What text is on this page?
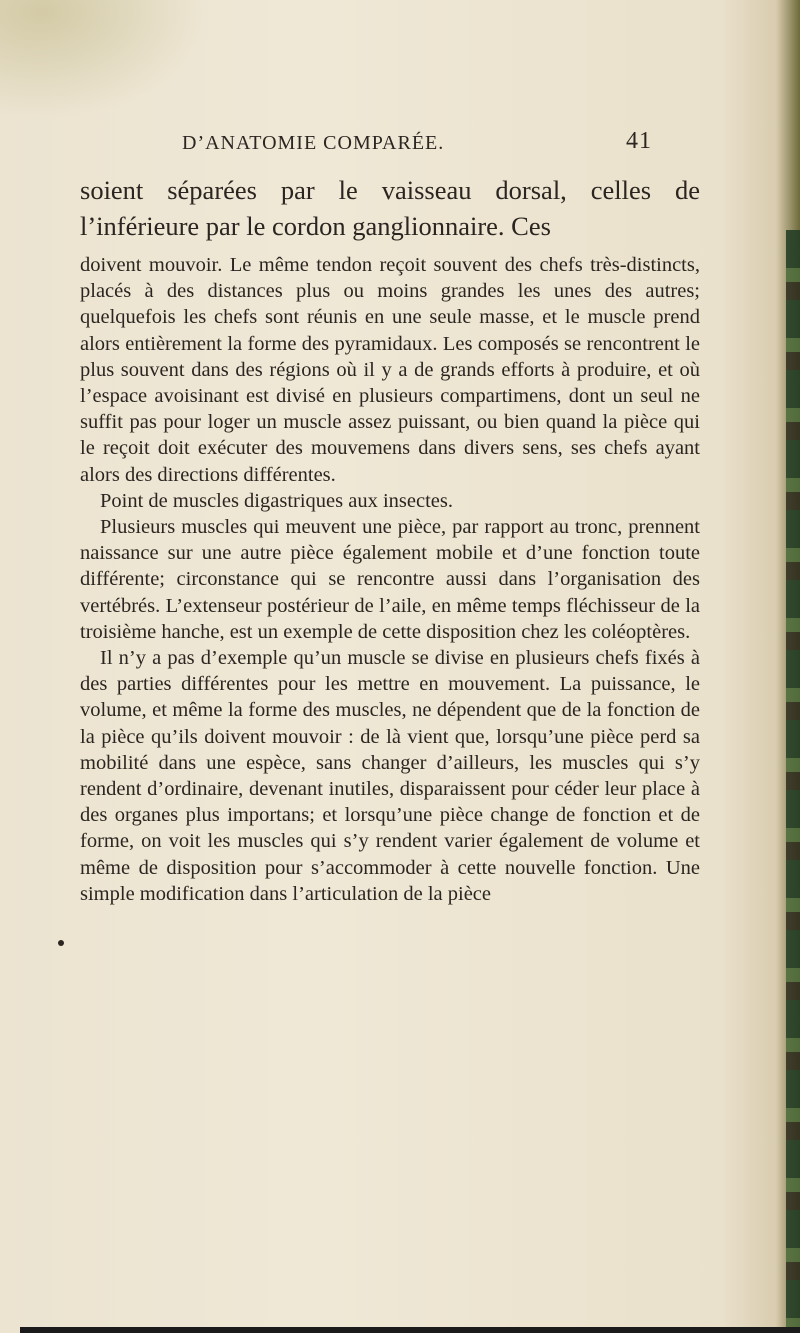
D’ANATOMIE COMPARÉE.	41
soient séparées par le vaisseau dorsal, celles de l’inférieure par le cordon ganglionnaire. Ces

doivent mouvoir. Le même tendon reçoit souvent des chefs très-distincts, placés à des distances plus ou moins grandes les unes des autres; quelquefois les chefs sont réunis en une seule masse, et le muscle prend alors entièrement la forme des pyramidaux. Les composés se rencontrent le plus souvent dans des régions où il y a de grands efforts à produire, et où l’espace avoisinant est divisé en plusieurs compartimens, dont un seul ne suffit pas pour loger un muscle assez puissant, ou bien quand la pièce qui le reçoit doit exécuter des mouvemens dans divers sens, ses chefs ayant alors des directions différentes.

Point de muscles digastriques aux insectes.

Plusieurs muscles qui meuvent une pièce, par rapport au tronc, prennent naissance sur une autre pièce également mobile et d’une fonction toute différente; circonstance qui se rencontre aussi dans l’organisation des vertébrés. L’extenseur postérieur de l’aile, en même temps fléchisseur de la troisième hanche, est un exemple de cette disposition chez les coléoptères.

Il n’y a pas d’exemple qu’un muscle se divise en plusieurs chefs fixés à des parties différentes pour les mettre en mouvement. La puissance, le volume, et même la forme des muscles, ne dépendent que de la fonction de la pièce qu’ils doivent mouvoir : de là vient que, lorsqu’une pièce perd sa mobilité dans une espèce, sans changer d’ailleurs, les muscles qui s’y rendent d’ordinaire, devenant inutiles, disparaissent pour céder leur place à des organes plus importans; et lorsqu’une pièce change de fonction et de forme, on voit les muscles qui s’y rendent varier également de volume et même de disposition pour s’accommoder à cette nouvelle fonction. Une simple modification dans l’articulation de la pièce
